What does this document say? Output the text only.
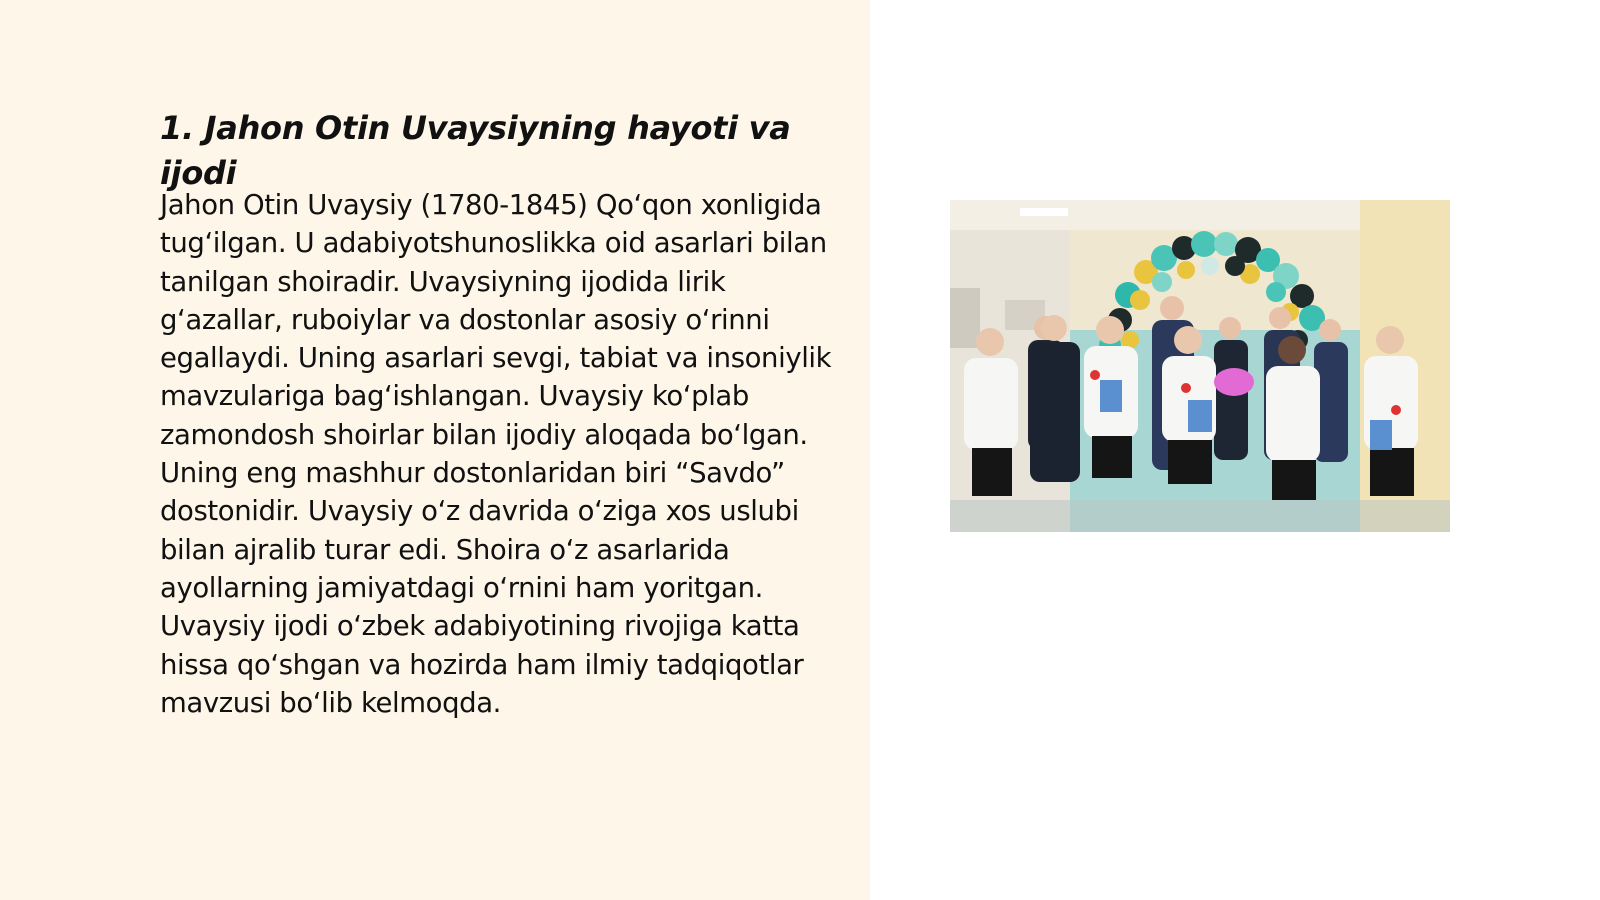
1. Jahon Otin Uvaysiyning hayoti va ijodi

Jahon Otin Uvaysiy (1780-1845) Qo‘qon xonligida tug‘ilgan. U adabiyotshunoslikka oid asarlari bilan tanilgan shoiradir. Uvaysiyning ijodida lirik g‘azallar, ruboiylar va dostonlar asosiy o‘rinni egallaydi. Uning asarlari sevgi, tabiat va insoniylik mavzulariga bag‘ishlangan. Uvaysiy ko‘plab zamondosh shoirlar bilan ijodiy aloqada bo‘lgan. Uning eng mashhur dostonlaridan biri “Savdo” dostonidir. Uvaysiy o‘z davrida o‘ziga xos uslubi bilan ajralib turar edi. Shoira o‘z asarlarida ayollarning jamiyatdagi o‘rnini ham yoritgan. Uvaysiy ijodi o‘zbek adabiyotining rivojiga katta hissa qo‘shgan va hozirda ham ilmiy tadqiqotlar mavzusi bo‘lib kelmoqda.
